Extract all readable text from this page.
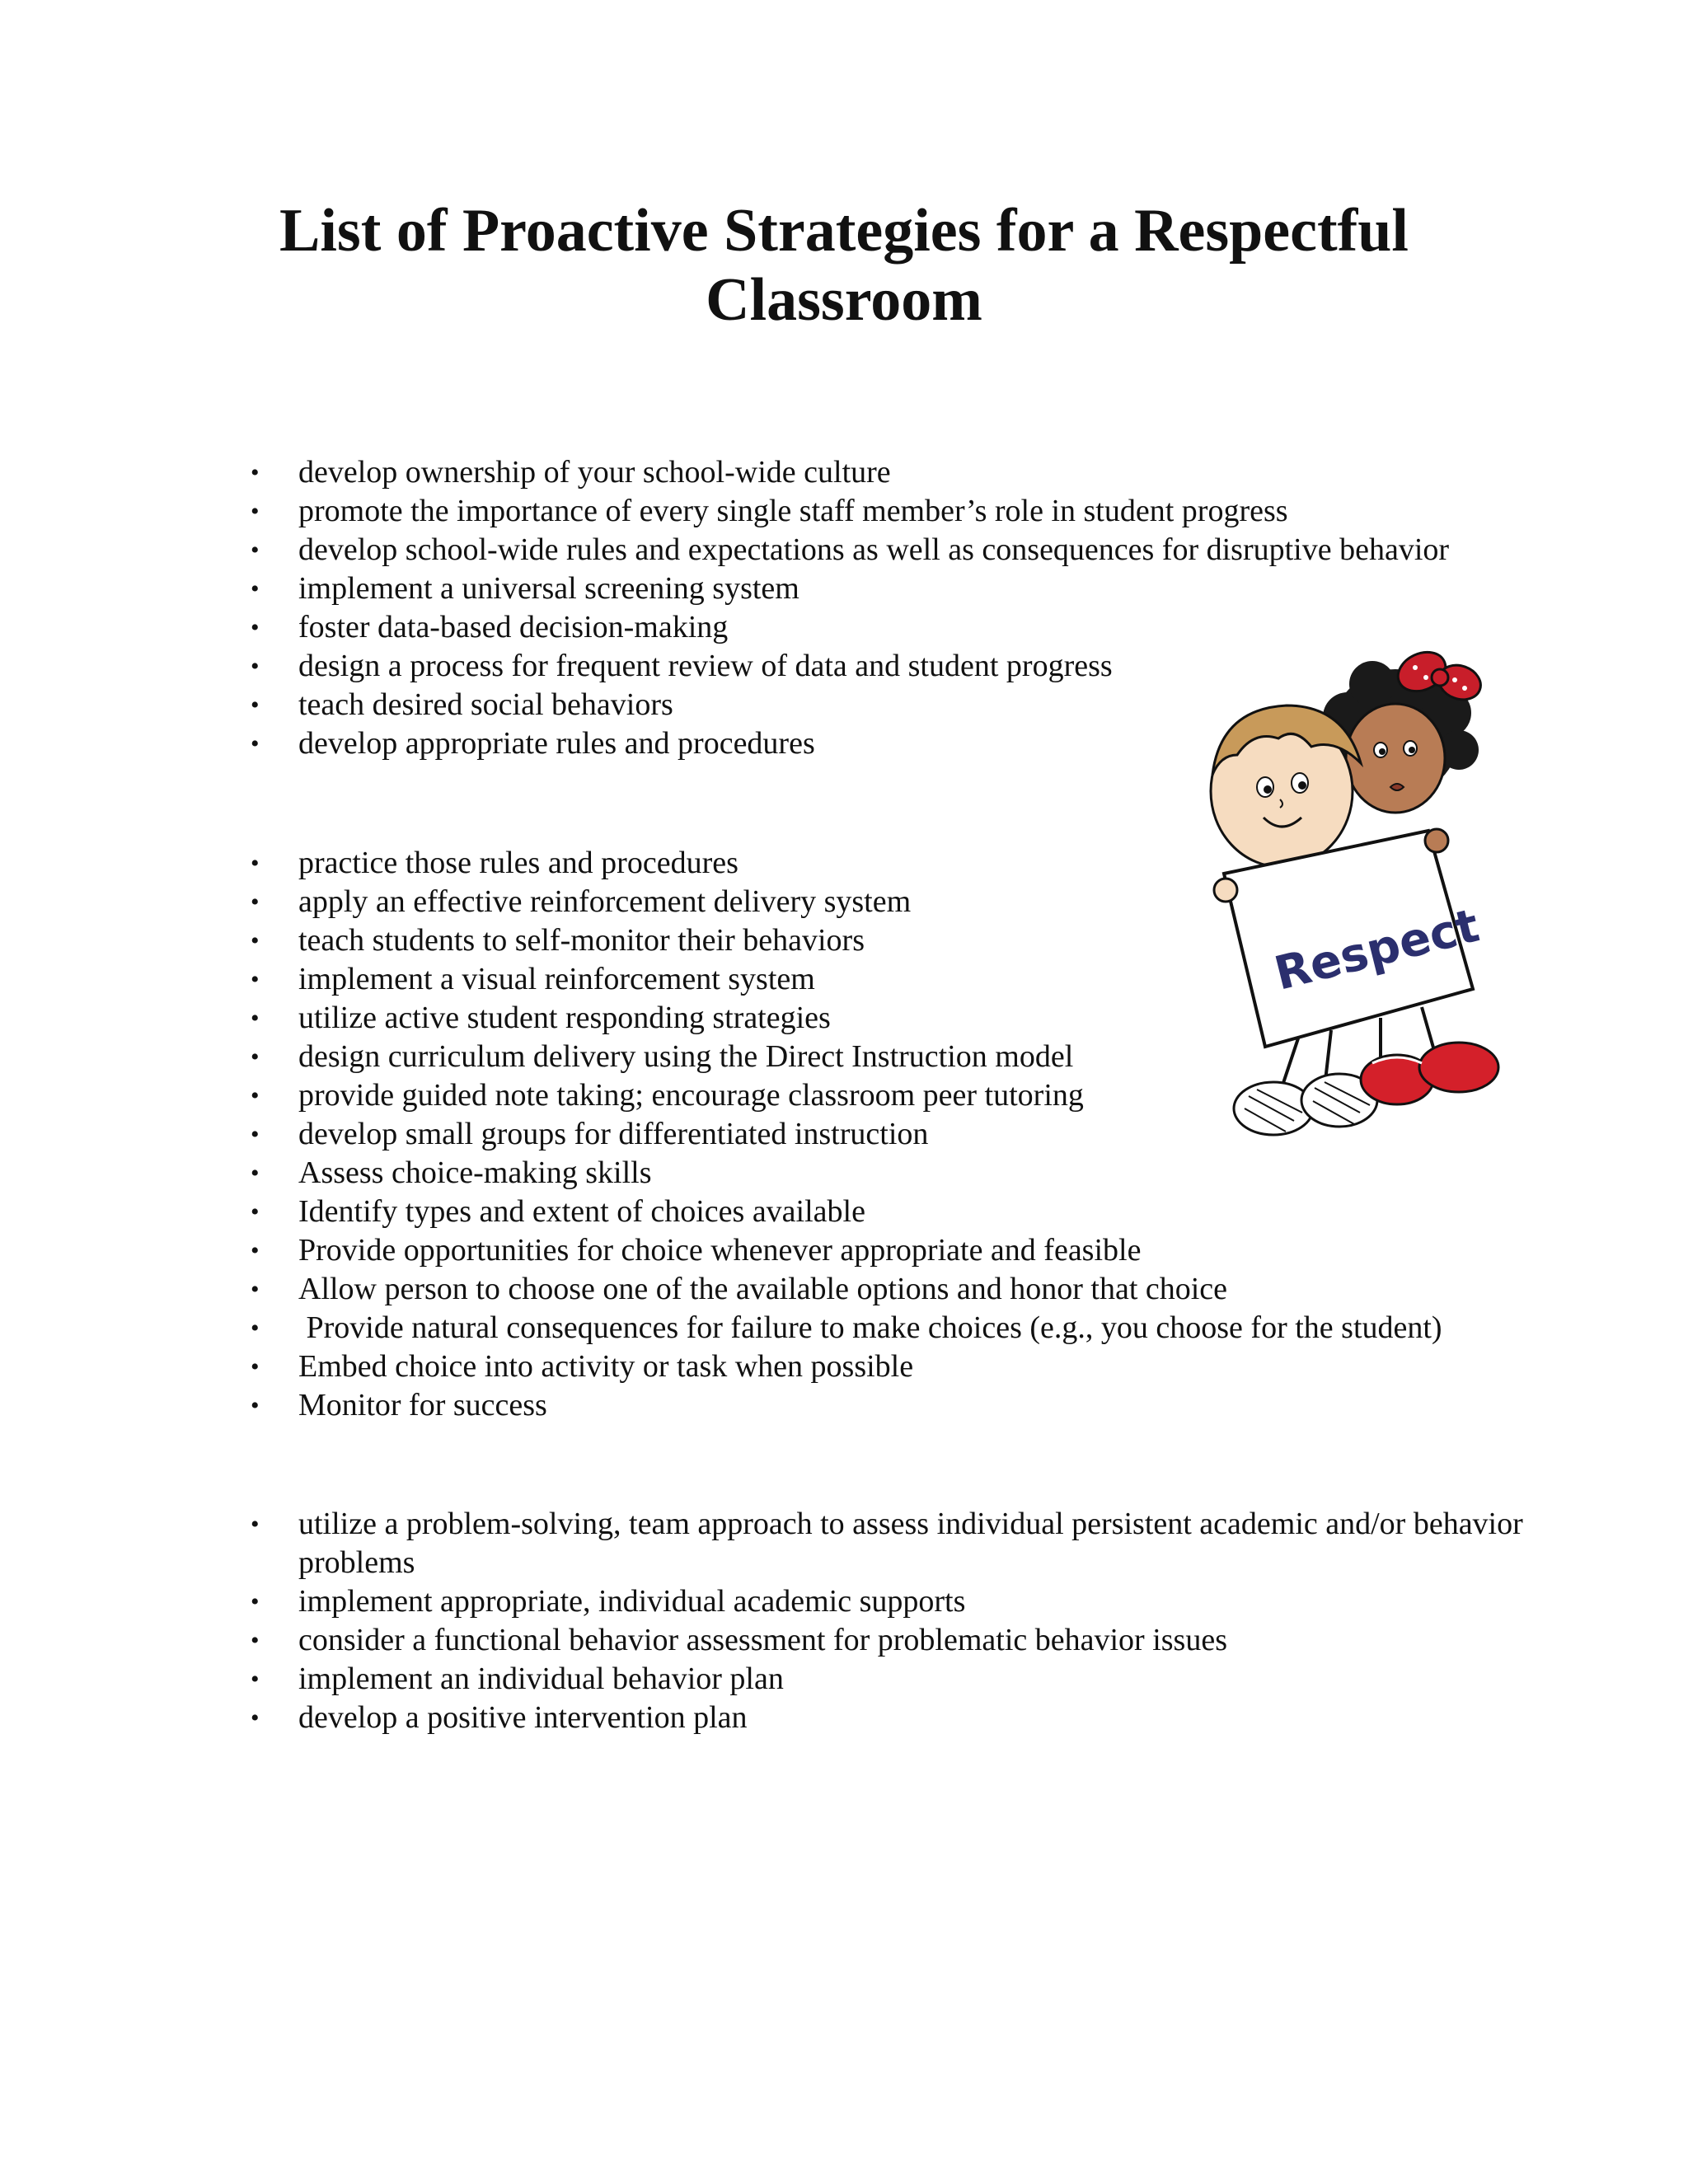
List of Proactive Strategies for a Respectful
Classroom
• develop ownership of your school-wide culture
• promote the importance of every single staff member’s role in student progress
• develop school-wide rules and expectations as well as consequences for disruptive behavior
• implement a universal screening system
• foster data-based decision-making
• design a process for frequent review of data and student progress
• teach desired social behaviors
• develop appropriate rules and procedures
• practice those rules and procedures
• apply an effective reinforcement delivery system
• teach students to self-monitor their behaviors
• implement a visual reinforcement system
• utilize active student responding strategies
• design curriculum delivery using the Direct Instruction model
• provide guided note taking; encourage classroom peer tutoring
• develop small groups for differentiated instruction
• Assess choice-making skills
• Identify types and extent of choices available
• Provide opportunities for choice whenever appropriate and feasible
• Allow person to choose one of the available options and honor that choice
• Provide natural consequences for failure to make choices (e.g., you choose for the student)
• Embed choice into activity or task when possible
• Monitor for success
• utilize a problem-solving, team approach to assess individual persistent academic and/or behavior problems
• implement appropriate, individual academic supports
• consider a functional behavior assessment for problematic behavior issues
• implement an individual behavior plan
• develop a positive intervention plan
Respect
